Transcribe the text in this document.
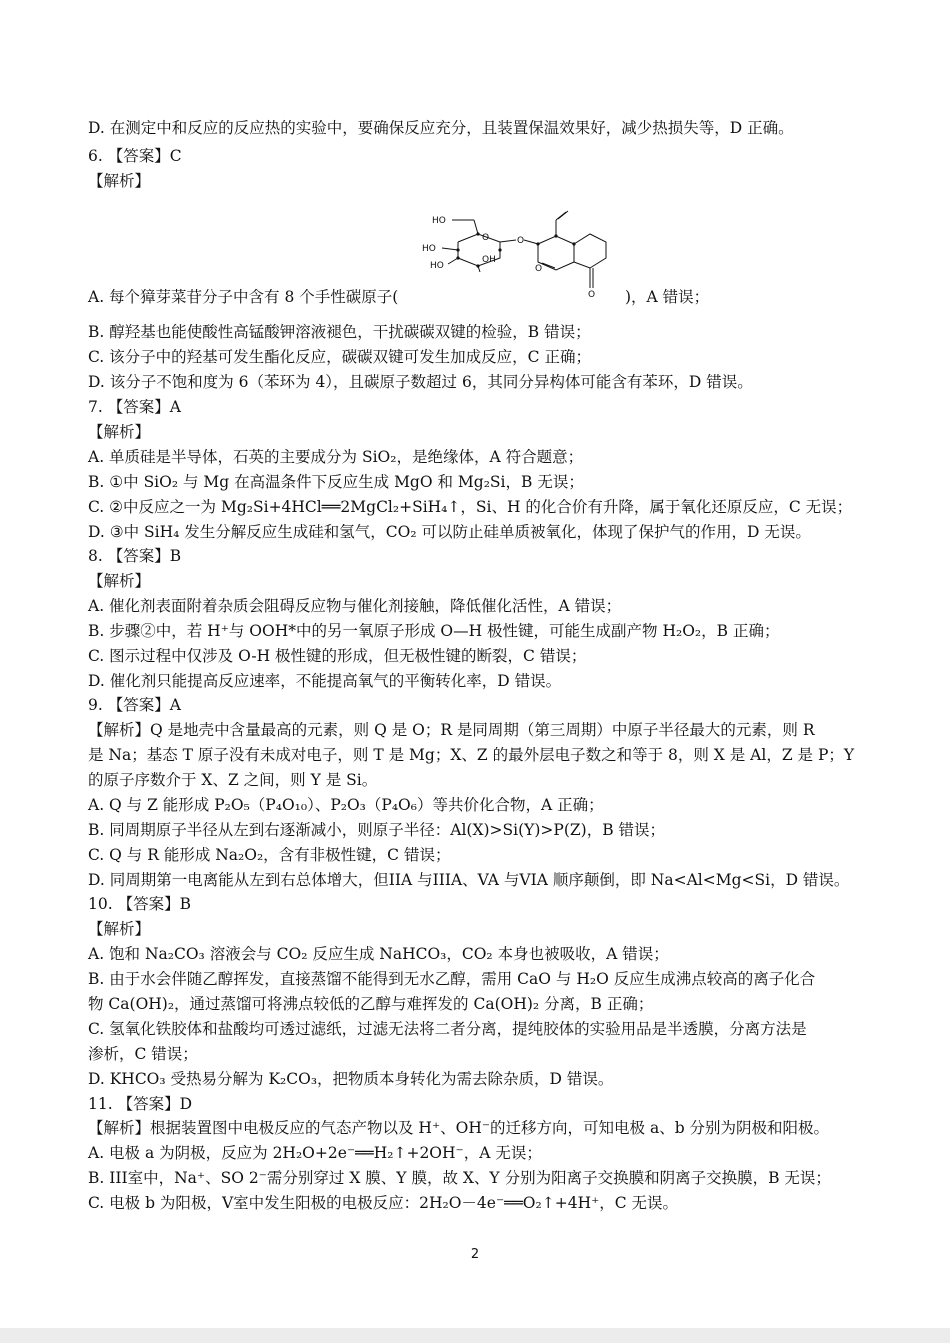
D. 在测定中和反应的反应热的实验中，要确保反应充分，且装置保温效果好，减少热损失等，D 正确。

6. 【答案】C

【解析】

HO
HO
HO
OH
O	O
O
O

A. 每个獐芽菜苷分子中含有 8 个手性碳原子(	)，A 错误；

B. 醇羟基也能使酸性高锰酸钾溶液褪色，干扰碳碳双键的检验，B 错误；

C. 该分子中的羟基可发生酯化反应，碳碳双键可发生加成反应，C 正确；

D. 该分子不饱和度为 6（苯环为 4），且碳原子数超过 6，其同分异构体可能含有苯环，D 错误。

7. 【答案】A

【解析】

A. 单质硅是半导体，石英的主要成分为 SiO₂，是绝缘体，A 符合题意；

B. ①中 SiO₂ 与 Mg 在高温条件下反应生成 MgO 和 Mg₂Si，B 无误；

C. ②中反应之一为 Mg₂Si+4HCl══2MgCl₂+SiH₄↑，Si、H 的化合价有升降，属于氧化还原反应，C 无误；

D. ③中 SiH₄ 发生分解反应生成硅和氢气，CO₂ 可以防止硅单质被氧化，体现了保护气的作用，D 无误。

8. 【答案】B

【解析】

A. 催化剂表面附着杂质会阻碍反应物与催化剂接触，降低催化活性，A 错误；

B. 步骤②中，若 H⁺与 OOH*中的另一氧原子形成 O—H 极性键，可能生成副产物 H₂O₂，B 正确；

C. 图示过程中仅涉及 O-H 极性键的形成，但无极性键的断裂，C 错误；

D. 催化剂只能提高反应速率，不能提高氧气的平衡转化率，D 错误。

9. 【答案】A

【解析】Q 是地壳中含量最高的元素，则 Q 是 O；R 是同周期（第三周期）中原子半径最大的元素，则 R

是 Na；基态 T 原子没有未成对电子，则 T 是 Mg；X、Z 的最外层电子数之和等于 8，则 X 是 Al，Z 是 P；Y

的原子序数介于 X、Z 之间，则 Y 是 Si。

A. Q 与 Z 能形成 P₂O₅（P₄O₁₀）、P₂O₃（P₄O₆）等共价化合物，A 正确；

B. 同周期原子半径从左到右逐渐减小，则原子半径：Al(X)>Si(Y)>P(Z)，B 错误；

C. Q 与 R 能形成 Na₂O₂，含有非极性键，C 错误；

D. 同周期第一电离能从左到右总体增大，但IIA 与IIIA、VA 与VIA 顺序颠倒，即 Na<Al<Mg<Si，D 错误。

10. 【答案】B

【解析】

A. 饱和 Na₂CO₃ 溶液会与 CO₂ 反应生成 NaHCO₃，CO₂ 本身也被吸收，A 错误；

B. 由于水会伴随乙醇挥发，直接蒸馏不能得到无水乙醇，需用 CaO 与 H₂O 反应生成沸点较高的离子化合

物 Ca(OH)₂，通过蒸馏可将沸点较低的乙醇与难挥发的 Ca(OH)₂ 分离，B 正确；

C. 氢氧化铁胶体和盐酸均可透过滤纸，过滤无法将二者分离，提纯胶体的实验用品是半透膜，分离方法是

渗析，C 错误；

D. KHCO₃ 受热易分解为 K₂CO₃，把物质本身转化为需去除杂质，D 错误。

11. 【答案】D

【解析】根据装置图中电极反应的气态产物以及 H⁺、OH⁻的迁移方向，可知电极 a、b 分别为阴极和阳极。

A. 电极 a 为阴极，反应为 2H₂O+2e⁻══H₂↑+2OH⁻，A 无误；

B. III室中，Na⁺、SO 2⁻需分别穿过 X 膜、Y 膜，故 X、Y 分别为阳离子交换膜和阴离子交换膜，B 无误；

C. 电极 b 为阳极，V室中发生阳极的电极反应：2H₂O－4e⁻══O₂↑+4H⁺，C 无误。

2
